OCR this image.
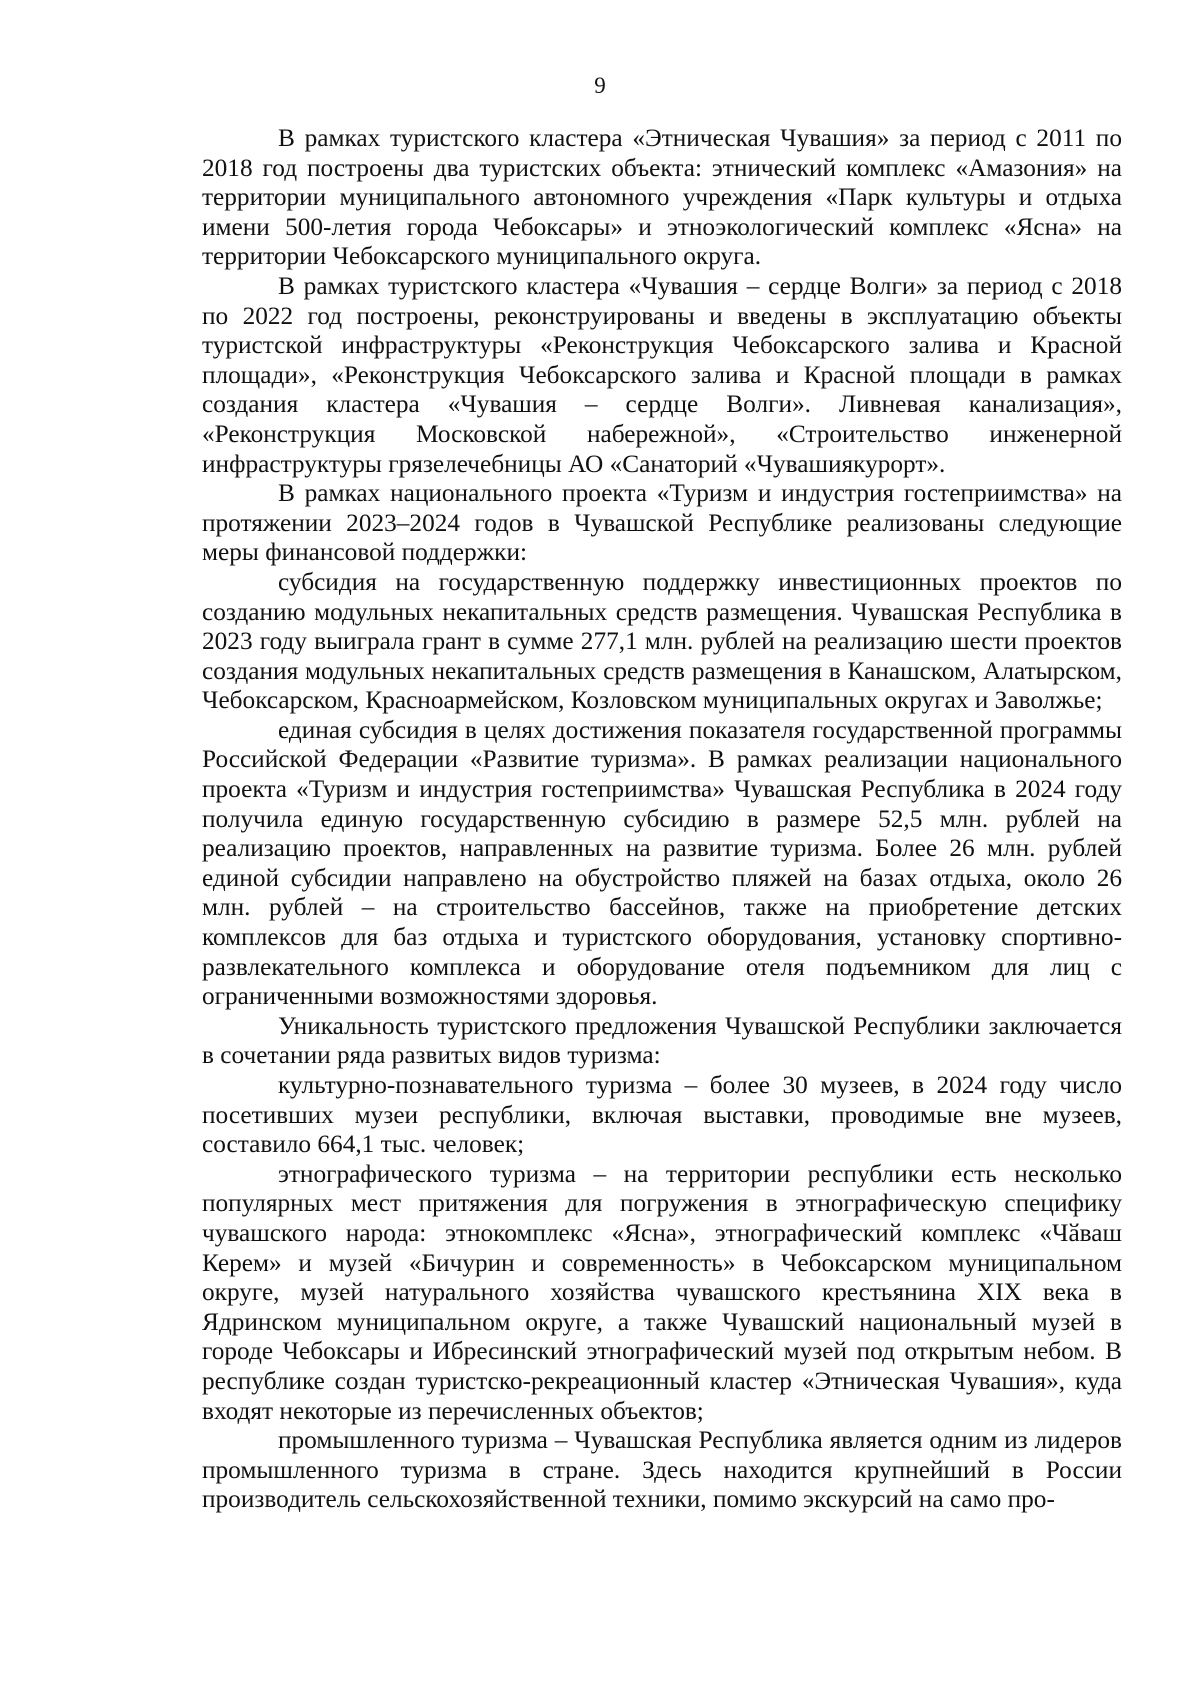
9

В рамках туристского кластера «Этническая Чувашия» за период с 2011 по 2018 год построены два туристских объекта: этнический комплекс «Амазония» на территории муниципального автономного учреждения «Парк культуры и отдыха имени 500-летия города Чебоксары» и этноэкологический комплекс «Ясна» на территории Чебоксарского муниципального округа.

В рамках туристского кластера «Чувашия – сердце Волги» за период с 2018 по 2022 год построены, реконструированы и введены в эксплуатацию объекты туристской инфраструктуры «Реконструкция Чебоксарского залива и Красной площади», «Реконструкция Чебоксарского залива и Красной площади в рамках создания кластера «Чувашия – сердце Волги». Ливневая канализация», «Реконструкция Московской набережной», «Строительство инженерной инфраструктуры грязелечебницы АО «Санаторий «Чувашиякурорт».

В рамках национального проекта «Туризм и индустрия гостеприимства» на протяжении 2023–2024 годов в Чувашской Республике реализованы следующие меры финансовой поддержки:

субсидия на государственную поддержку инвестиционных проектов по созданию модульных некапитальных средств размещения. Чувашская Республика в 2023 году выиграла грант в сумме 277,1 млн. рублей на реализацию шести проектов создания модульных некапитальных средств размещения в Канашском, Алатырском, Чебоксарском, Красноармейском, Козловском муниципальных округах и Заволжье;

единая субсидия в целях достижения показателя государственной программы Российской Федерации «Развитие туризма». В рамках реализации национального проекта «Туризм и индустрия гостеприимства» Чувашская Республика в 2024 году получила единую государственную субсидию в размере 52,5 млн. рублей на реализацию проектов, направленных на развитие туризма. Более 26 млн. рублей единой субсидии направлено на обустройство пляжей на базах отдыха, около 26 млн. рублей – на строительство бассейнов, также на приобретение детских комплексов для баз отдыха и туристского оборудования, установку спортивно-развлекательного комплекса и оборудование отеля подъемником для лиц с ограниченными возможностями здоровья.

Уникальность туристского предложения Чувашской Республики заключается в сочетании ряда развитых видов туризма:

культурно-познавательного туризма – более 30 музеев, в 2024 году число посетивших музеи республики, включая выставки, проводимые вне музеев, составило 664,1 тыс. человек;

этнографического туризма – на территории республики есть несколько популярных мест притяжения для погружения в этнографическую специфику чувашского народа: этнокомплекс «Ясна», этнографический комплекс «Чӑваш Керем» и музей «Бичурин и современность» в Чебоксарском муниципальном округе, музей натурального хозяйства чувашского крестьянина XIX века в Ядринском муниципальном округе, а также Чувашский национальный музей в городе Чебоксары и Ибресинский этнографический музей под открытым небом. В республике создан туристско-рекреационный кластер «Этническая Чувашия», куда входят некоторые из перечисленных объектов;

промышленного туризма – Чувашская Республика является одним из лидеров промышленного туризма в стране. Здесь находится крупнейший в России производитель сельскохозяйственной техники, помимо экскурсий на само про-
